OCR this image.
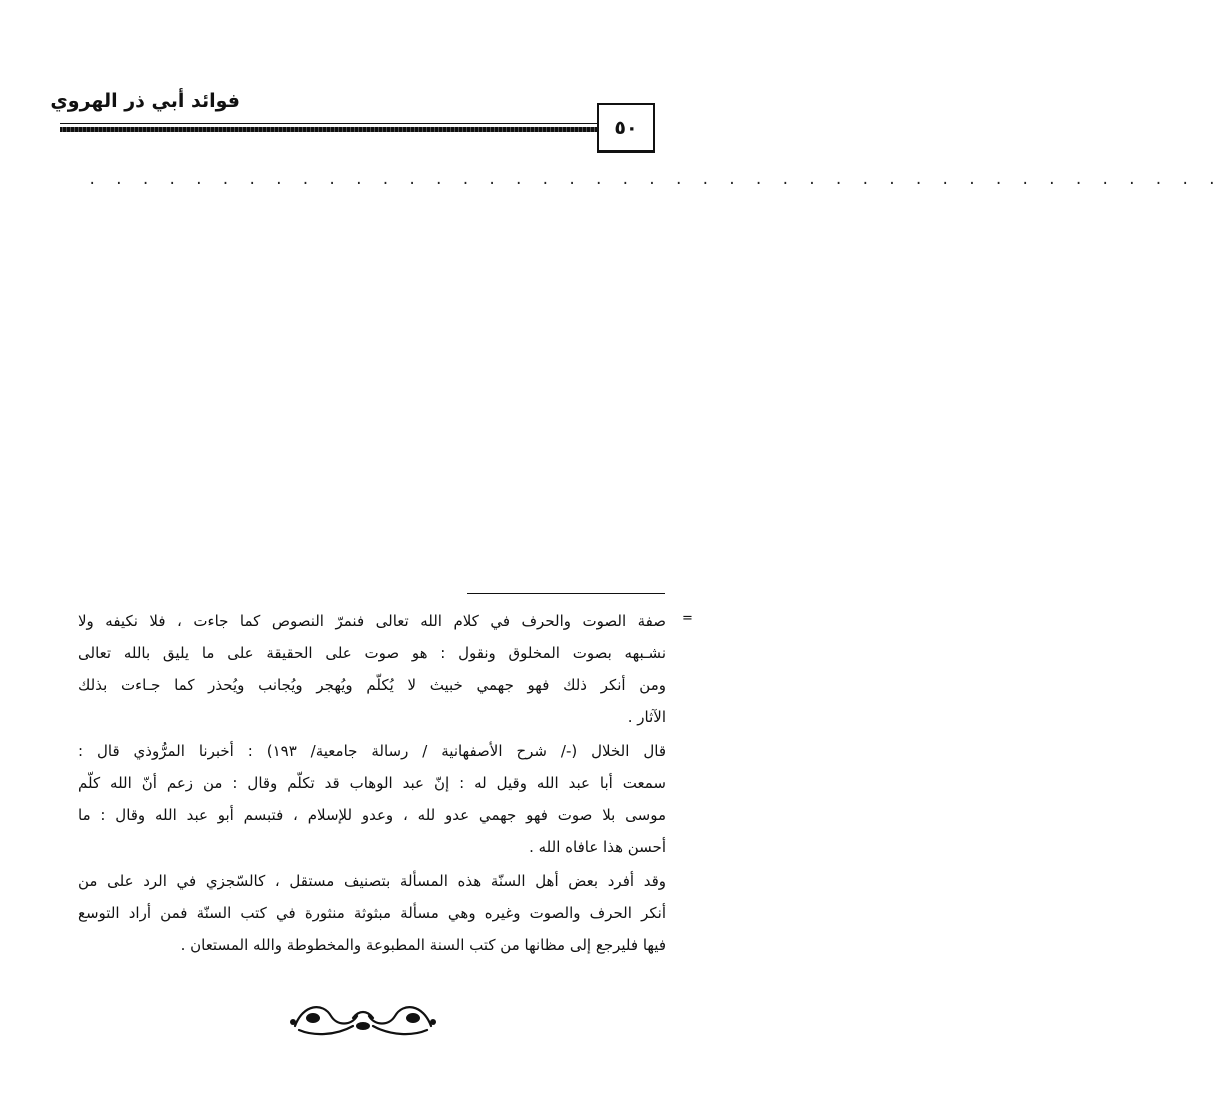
فوائد أبي ذر الهروي
٥٠
. . . . . . . . . . . . . . . . . . . . . . . . . . . . . . . . . . . . . . . . . . .
=
صفة الصوت والحرف في كلام الله تعالى فنمرّ النصوص كما جاءت ، فلا نكيفه ولا
نشـبهه بصوت المخلوق ونقول : هو صوت على الحقيقة على ما يليق بالله تعالى
ومن أنكر ذلك فهو جهمي خبيث لا يُكلّم ويُهجر ويُجانب ويُحذر كما جـاءت بذلك
الآثار .
قال الخلال (-/ شرح الأصفهانية / رسالة جامعية/ ١٩٣) : أخبرنا المرُّوذي قال :
سمعت أبا عبد الله وقيل له : إنّ عبد الوهاب قد تكلّم وقال : من زعم أنّ الله كلّم
موسى بلا صوت فهو جهمي عدو لله ، وعدو للإسلام ، فتبسم أبو عبد الله وقال : ما
أحسن هذا عافاه الله .
وقد أفرد بعض أهل السنّة هذه المسألة بتصنيف مستقل ، كالسّجزي في الرد على من
أنكر الحرف والصوت وغيره وهي مسألة مبثوثة منثورة في كتب السنّة فمن أراد التوسع
فيها فليرجع إلى مظانها من كتب السنة المطبوعة والمخطوطة والله المستعان .
